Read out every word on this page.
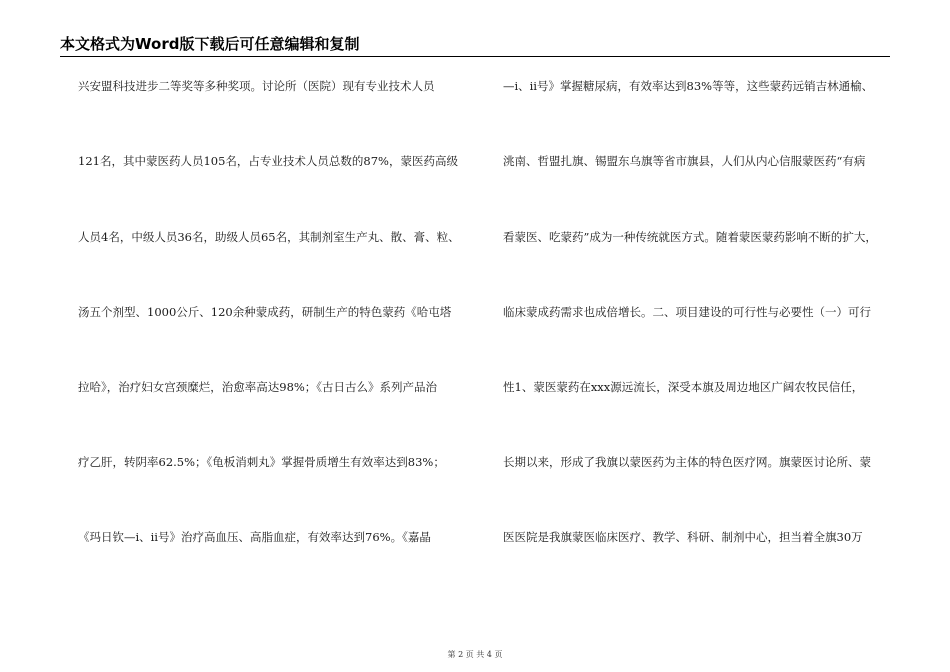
本文格式为Word版下载后可任意编辑和复制
兴安盟科技进步二等奖等多种奖项。讨论所（医院）现有专业技术人员
121名，其中蒙医药人员105名，占专业技术人员总数的87%，蒙医药高级
人员4名，中级人员36名，助级人员65名，其制剂室生产丸、散、膏、粒、
汤五个剂型、1000公斤、120余种蒙成药，研制生产的特色蒙药《哈屯塔
拉哈》，治疗妇女宫颈糜烂，治愈率高达98%；《古日古么》系列产品治
疗乙肝，转阴率62.5%；《龟板消刺丸》掌握骨质增生有效率达到83%；
《玛日钦—ⅰ、ⅱ号》治疗高血压、高脂血症，有效率达到76%。《嘉晶
—ⅰ、ⅱ号》掌握糖尿病，有效率达到83%等等，这些蒙药远销吉林通榆、
洮南、哲盟扎旗、锡盟东乌旗等省市旗县，人们从内心信服蒙医药“有病
看蒙医、吃蒙药”成为一种传统就医方式。随着蒙医蒙药影响不断的扩大，
临床蒙成药需求也成倍增长。二、项目建设的可行性与必要性（一）可行
性1、蒙医蒙药在xxx源远流长，深受本旗及周边地区广阔农牧民信任，
长期以来，形成了我旗以蒙医药为主体的特色医疗网。旗蒙医讨论所、蒙
医医院是我旗蒙医临床医疗、教学、科研、制剂中心，担当着全旗30万
第 2 页 共 4 页
